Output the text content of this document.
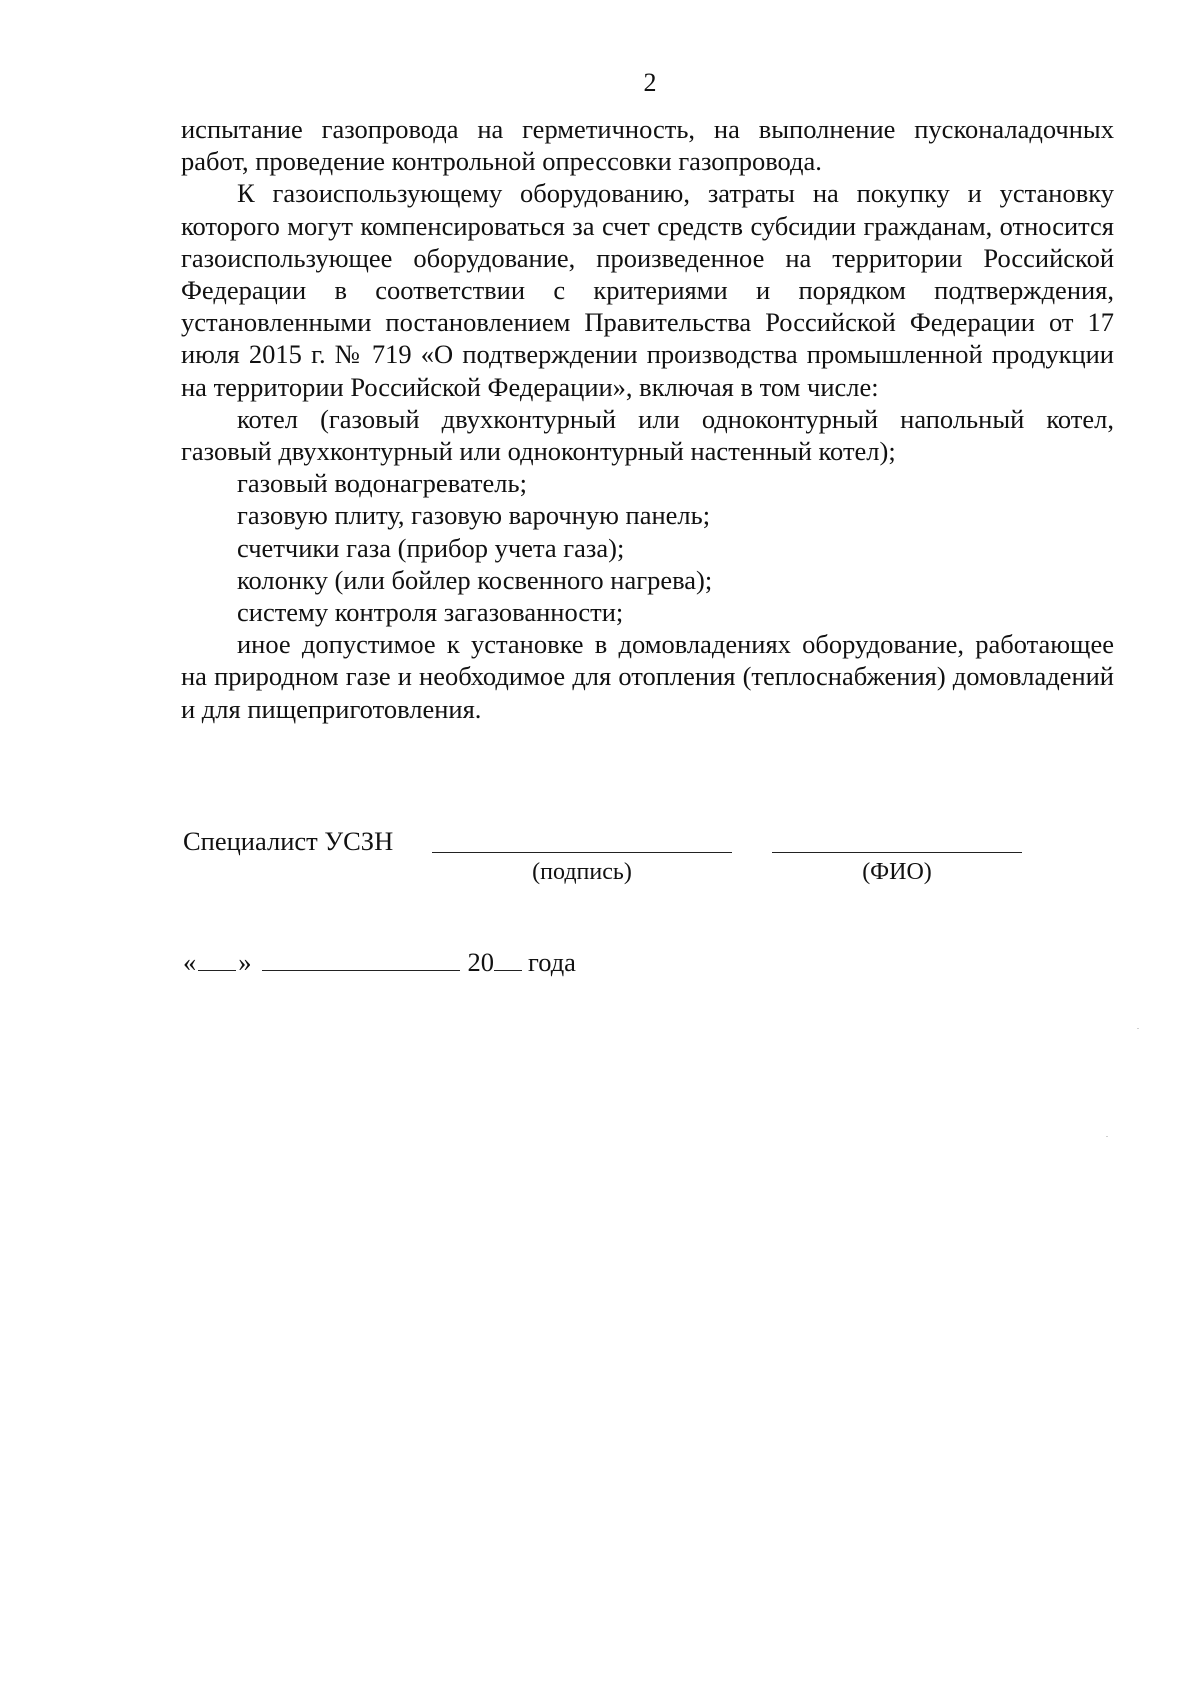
2

испытание газопровода на герметичность, на выполнение пусконаладочных работ, проведение контрольной опрессовки газопровода.

К газоиспользующему оборудованию, затраты на покупку и установку которого могут компенсироваться за счет средств субсидии гражданам, относится газоиспользующее оборудование, произведенное на территории Российской Федерации в соответствии с критериями и порядком подтверждения, установленными постановлением Правительства Российской Федерации от 17 июля 2015 г. № 719 «О подтверждении производства промышленной продукции на территории Российской Федерации», включая в том числе:

котел (газовый двухконтурный или одноконтурный напольный котел, газовый двухконтурный или одноконтурный настенный котел);

газовый водонагреватель;

газовую плиту, газовую варочную панель;

счетчики газа (прибор учета газа);

колонку (или бойлер косвенного нагрева);

систему контроля загазованности;

иное допустимое к установке в домовладениях оборудование, работающее на природном газе и необходимое для отопления (теплоснабжения) домовладений и для пищеприготовления.

Специалист УСЗН
(подпись)	(ФИО)
« »	20 года
